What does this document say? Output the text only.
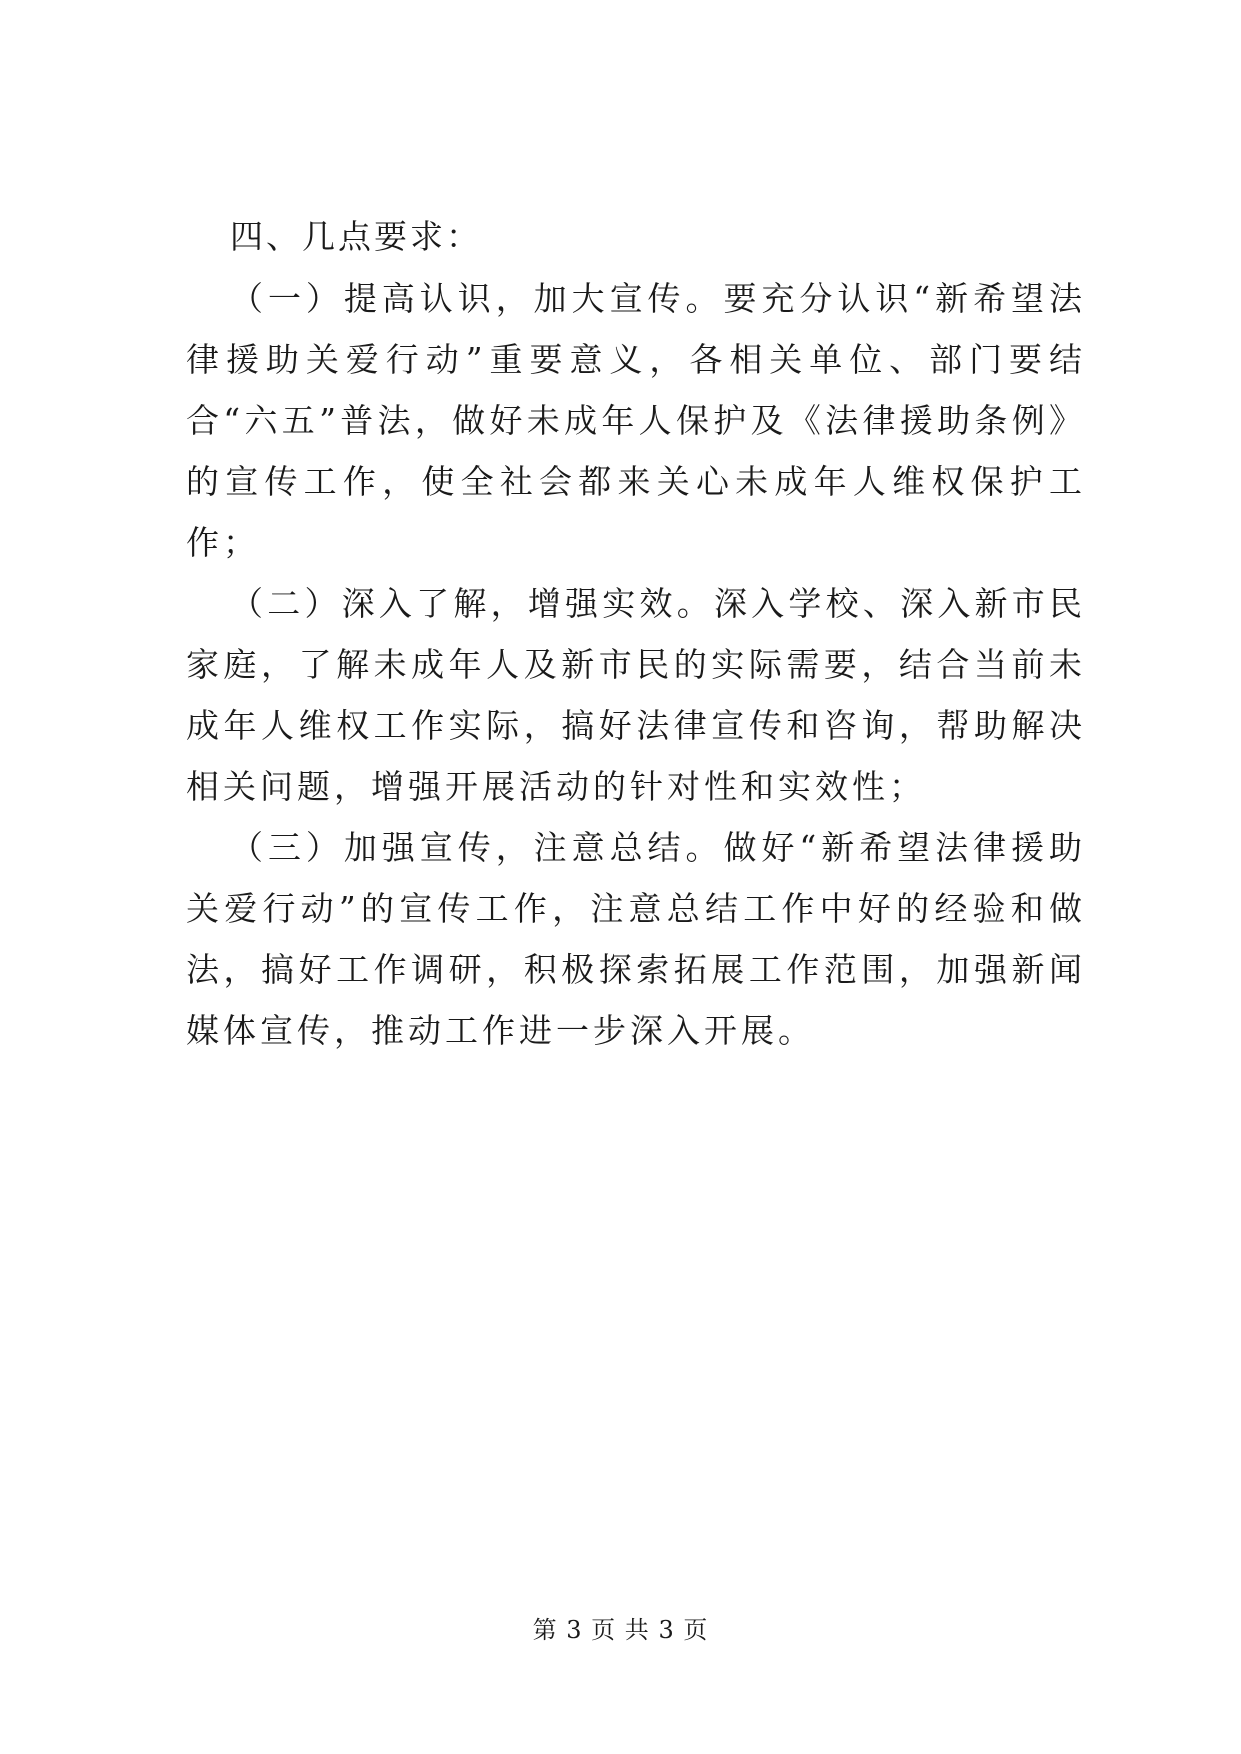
四、几点要求：

（一）提高认识，加大宣传。要充分认识“新希望法律援助关爱行动”重要意义，各相关单位、部门要结合“六五”普法，做好未成年人保护及《法律援助条例》的宣传工作，使全社会都来关心未成年人维权保护工作；

（二）深入了解，增强实效。深入学校、深入新市民家庭，了解未成年人及新市民的实际需要，结合当前未成年人维权工作实际，搞好法律宣传和咨询，帮助解决相关问题，增强开展活动的针对性和实效性；

（三）加强宣传，注意总结。做好“新希望法律援助关爱行动”的宣传工作，注意总结工作中好的经验和做法，搞好工作调研，积极探索拓展工作范围，加强新闻媒体宣传，推动工作进一步深入开展。

第 3 页 共 3 页
